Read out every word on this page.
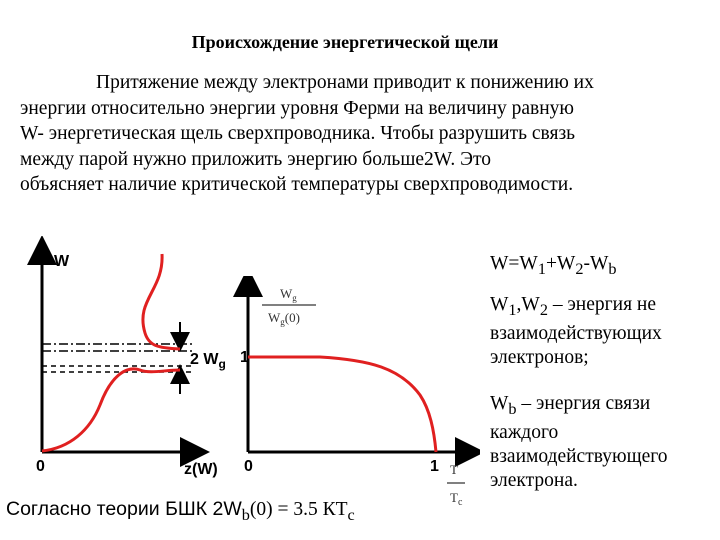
Происхождение энергетической щели
Притяжение между электронами приводит к понижению их
энергии относительно энергии уровня Ферми на величину равную
W- энергетическая щель сверхпроводника. Чтобы разрушить связь
между парой нужно приложить энергию больше2W. Это
объясняет наличие критической температуры сверхпроводимости.
W
0	z(W)
2 $W_g$
$W_g$
$W_g(0)$
1
0	1 T
$T_c$
$W=W_1+W_2-W_b$
$W_1,W_2$ – энергия не
взаимодействующих
электронов;
$W_b$ – энергия связи
каждого
взаимодействующего
электрона.
Согласно теории БШК $2W_b(0) = 3.5$ $КТ_c$
